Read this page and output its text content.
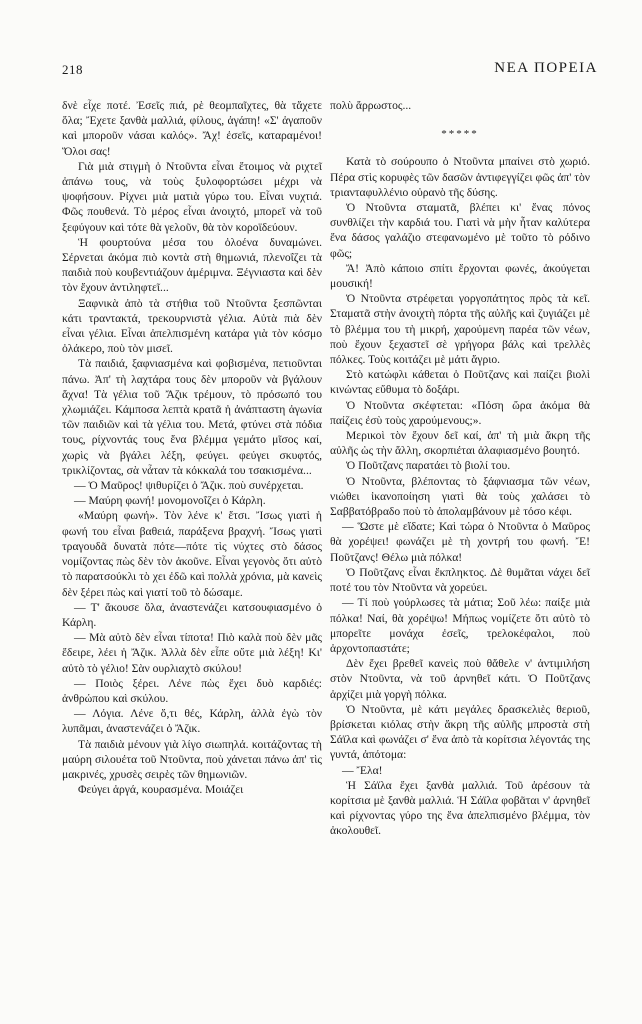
218	ΝΕΑ ΠΟΡΕΙΑ

δνὲ εἶχε ποτέ. Ἐσεῖς πιά, ρὲ θεομπαῖχτες, θὰ τἄχετε ὅλα; Ἔχετε ξανθὰ μαλλιά, φίλους, ἀγάπη! «Σ' ἀγαποῦν καὶ μποροῦν νάσαι καλός». Ἄχ! ἐσεῖς, καταραμένοι! Ὅλοι σας!

Γιὰ μιὰ στιγμὴ ὁ Ντοῦντα εἶναι ἕτοιμος νὰ ριχτεῖ ἀπάνω τους, νὰ τοὺς ξυλοφορτώσει μέχρι νὰ ψοφήσουν. Ρίχνει μιὰ ματιὰ γύρω του. Εἶναι νυχτιά. Φῶς πουθενά. Τὸ μέρος εἶναι ἀνοιχτό, μπορεῖ νὰ τοῦ ξεφύγουν καὶ τότε θὰ γελοῦν, θὰ τὸν κοροϊδεύουν.

Ἡ φουρτούνα μέσα του ὁλοένα δυναμώνει. Σέρνεται ἀκόμα πιὸ κοντὰ στὴ θημωνιά, πλενοΐζει τὰ παιδιὰ ποὺ κουβεντιάζουν ἀμέριμνα. Ξέγνιαστα καὶ δὲν τὸν ἔχουν ἀντιληφτεῖ...

Ξαφνικὰ ἀπὸ τὰ στήθια τοῦ Ντοῦντα ξεσπῶνται κάτι τραντακτά, τρεκουρνιστὰ γέλια. Αὐτὰ πιὰ δὲν εἶναι γέλια. Εἶναι ἀπελπισμένη κατάρα γιὰ τὸν κόσμο ὁλάκερο, ποὺ τὸν μισεῖ.

Τὰ παιδιά, ξαφνιασμένα καὶ φοβισμένα, πετιοῦνται πάνω. Ἀπ' τὴ λαχτάρα τους δὲν μποροῦν νὰ βγάλουν ἄχνα! Τὰ γέλια τοῦ Ἄζικ τρέμουν, τὸ πρόσωπό του χλωμιάζει. Κάμποσα λεπτὰ κρατᾶ ἡ ἀνάπταστη ἀγωνία τῶν παιδιῶν καὶ τὰ γέλια του. Μετά, φτύνει στὰ πόδια τους, ρίχνοντάς τους ἕνα βλέμμα γεμάτο μῖσος καί, χωρὶς νὰ βγάλει λέξη, φεύγει. φεύγει σκυφτός, τρικλίζοντας, σὰ νἆταν τὰ κόκκαλά του τσακισμένα...

— Ὁ Μαῦρος! ψιθυρίζει ὁ Ἄζικ. ποὺ συνέρχεται.

— Μαύρη φωνή! μονομονοΐζει ὁ Κάρλη.

«Μαύρη φωνή». Τὸν λένε κ' ἔτσι. Ἴσως γιατὶ ἡ φωνή του εἶναι βαθειά, παράξενα βραχνή. Ἴσως γιατὶ τραγουδᾶ δυνατὰ πότε—πότε τὶς νύχτες στὸ δάσος νομίζοντας πὼς δὲν τὸν ἀκοῦνε. Εἶναι γεγονὸς ὅτι αὐτὸ τὸ παρατσούκλι τὸ χει ἐδῶ καὶ πολλὰ χρόνια, μὰ κανεὶς δὲν ξέρει πὼς καὶ γιατί τοῦ τὸ δώσαμε.

— Τ' ἄκουσε ὅλα, ἀναστενάζει κατσουφιασμένο ὁ Κάρλη.

— Μὰ αὐτὸ δὲν εἶναι τίποτα! Πιὸ καλὰ ποὺ δὲν μᾶς ἔδειρε, λέει ἡ Ἄζικ. Ἀλλὰ δὲν εἶπε οὔτε μιὰ λέξη! Κι' αὐτὸ τὸ γέλιο! Σὰν ουρλιαχτὸ σκύλου!

— Ποιὸς ξέρει. Λένε πὼς ἔχει δυὸ καρδιές: ἀνθρώπου καὶ σκύλου.

— Λόγια. Λένε ὅ,τι θές, Κάρλη, ἀλλὰ ἐγὼ τὸν λυπᾶμαι, ἀναστενάζει ὁ Ἄζικ.

Τὰ παιδιὰ μένουν γιὰ λίγο σιωπηλά. κοιτάζοντας τὴ μαύρη σιλουέτα τοῦ Ντοῦντα, ποὺ χάνεται πάνω ἀπ' τὶς μακρινές, χρυσὲς σειρὲς τῶν θημωνιῶν.

Φεύγει ἀργά, κουρασμένα. Μοιάζει

πολὺ ἄρρωστος...

*****

Κατὰ τὸ σούρουπο ὁ Ντοῦντα μπαίνει στὸ χωριό. Πέρα στὶς κορυφὲς τῶν δασῶν ἀντιφεγγίζει φῶς ἀπ' τὸν τριανταφυλλένιο οὐρανὸ τῆς δύσης.

Ὁ Ντοῦντα σταματᾶ, βλέπει κι' ἕνας πόνος συνθλίζει τὴν καρδιά του. Γιατὶ νὰ μὴν ἦταν καλύτερα ἕνα δάσος γαλάζιο στεφανωμένο μὲ τοῦτο τὸ ρόδινο φῶς;

Ἄ! Ἀπὸ κάποιο σπίτι ἔρχονται φωνές, ἀκούγεται μουσική!

Ὁ Ντοῦντα στρέφεται γοργοπάτητος πρὸς τὰ κεῖ. Σταματᾶ στὴν ἀνοιχτὴ πόρτα τῆς αὐλῆς καὶ ζυγιάζει μὲ τὸ βλέμμα του τὴ μικρή, χαρούμενη παρέα τῶν νέων, ποὺ ἔχουν ξεχαστεῖ σὲ γρήγορα βάλς καὶ τρελλὲς πόλκες. Τοὺς κοιτάζει μὲ μάτι ἄγριο.

Στὸ κατώφλι κάθεται ὁ Ποῦτζανς καὶ παίζει βιολὶ κινώντας εὔθυμα τὸ δοξάρι.

Ὁ Ντοῦντα σκέφτεται: «Πόση ὥρα ἀκόμα θὰ παίζεις ἐσὺ τοὺς χαρούμενους;».

Μερικοὶ τὸν ἔχουν δεῖ καί, ἀπ' τὴ μιὰ ἄκρη τῆς αὐλῆς ὡς τὴν ἄλλη, σκορπιέται ἀλαφιασμένο βουητό.

Ὁ Ποῦτζανς παρατάει τὸ βιολί του.

Ὁ Ντοῦντα, βλέποντας τὸ ξάφνιασμα τῶν νέων, νιώθει ἱκανοποίηση γιατὶ θὰ τοὺς χαλάσει τὸ Σαββατόβραδο ποὺ τὸ ἀπολαμβάνουν μὲ τόσο κέφι.

— Ὥστε μὲ εἴδατε; Καὶ τώρα ὁ Ντοῦντα ὁ Μαῦρος θὰ χορέψει! φωνάζει μὲ τὴ χοντρή του φωνή. Ἔ! Ποῦτζανς! Θέλω μιὰ πόλκα!

Ὁ Ποῦτζανς εἶναι ἔκπληκτος. Δὲ θυμᾶται νάχει δεῖ ποτέ του τὸν Ντοῦντα νὰ χορεύει.

— Τί ποὺ γούρλωσες τὰ μάτια; Σοῦ λέω: παίξε μιὰ πόλκα! Ναί, θὰ χορέψω! Μήπως νομίζετε ὅτι αὐτὸ τὸ μπορεῖτε μονάχα ἐσεῖς, τρελοκέφαλοι, ποὺ ἀρχοντοπαστάτε;

Δὲν ἔχει βρεθεῖ κανεὶς ποὺ θἄθελε ν' ἀντιμιλήση στὸν Ντοῦντα, νὰ τοῦ ἀρνηθεῖ κάτι. Ὁ Ποῦτζανς ἀρχίζει μιὰ γοργὴ πόλκα.

Ὁ Ντοῦντα, μὲ κάτι μεγάλες δρασκελιὲς θεριοῦ, βρίσκεται κιόλας στὴν ἄκρη τῆς αὐλῆς μπροστὰ στὴ Σάϊλα καὶ φωνάζει σ' ἕνα ἀπὸ τὰ κορίτσια λέγοντάς της γυντά, ἀπότομα:

— Ἔλα!

Ἡ Σάϊλα ἔχει ξανθὰ μαλλιά. Τοῦ ἀρέσουν τὰ κορίτσια μὲ ξανθὰ μαλλιά. Ἡ Σάϊλα φοβᾶται ν' ἀρνηθεῖ καὶ ρίχνοντας γύρο της ἕνα ἀπελπισμένο βλέμμα, τὸν ἀκολουθεῖ.
